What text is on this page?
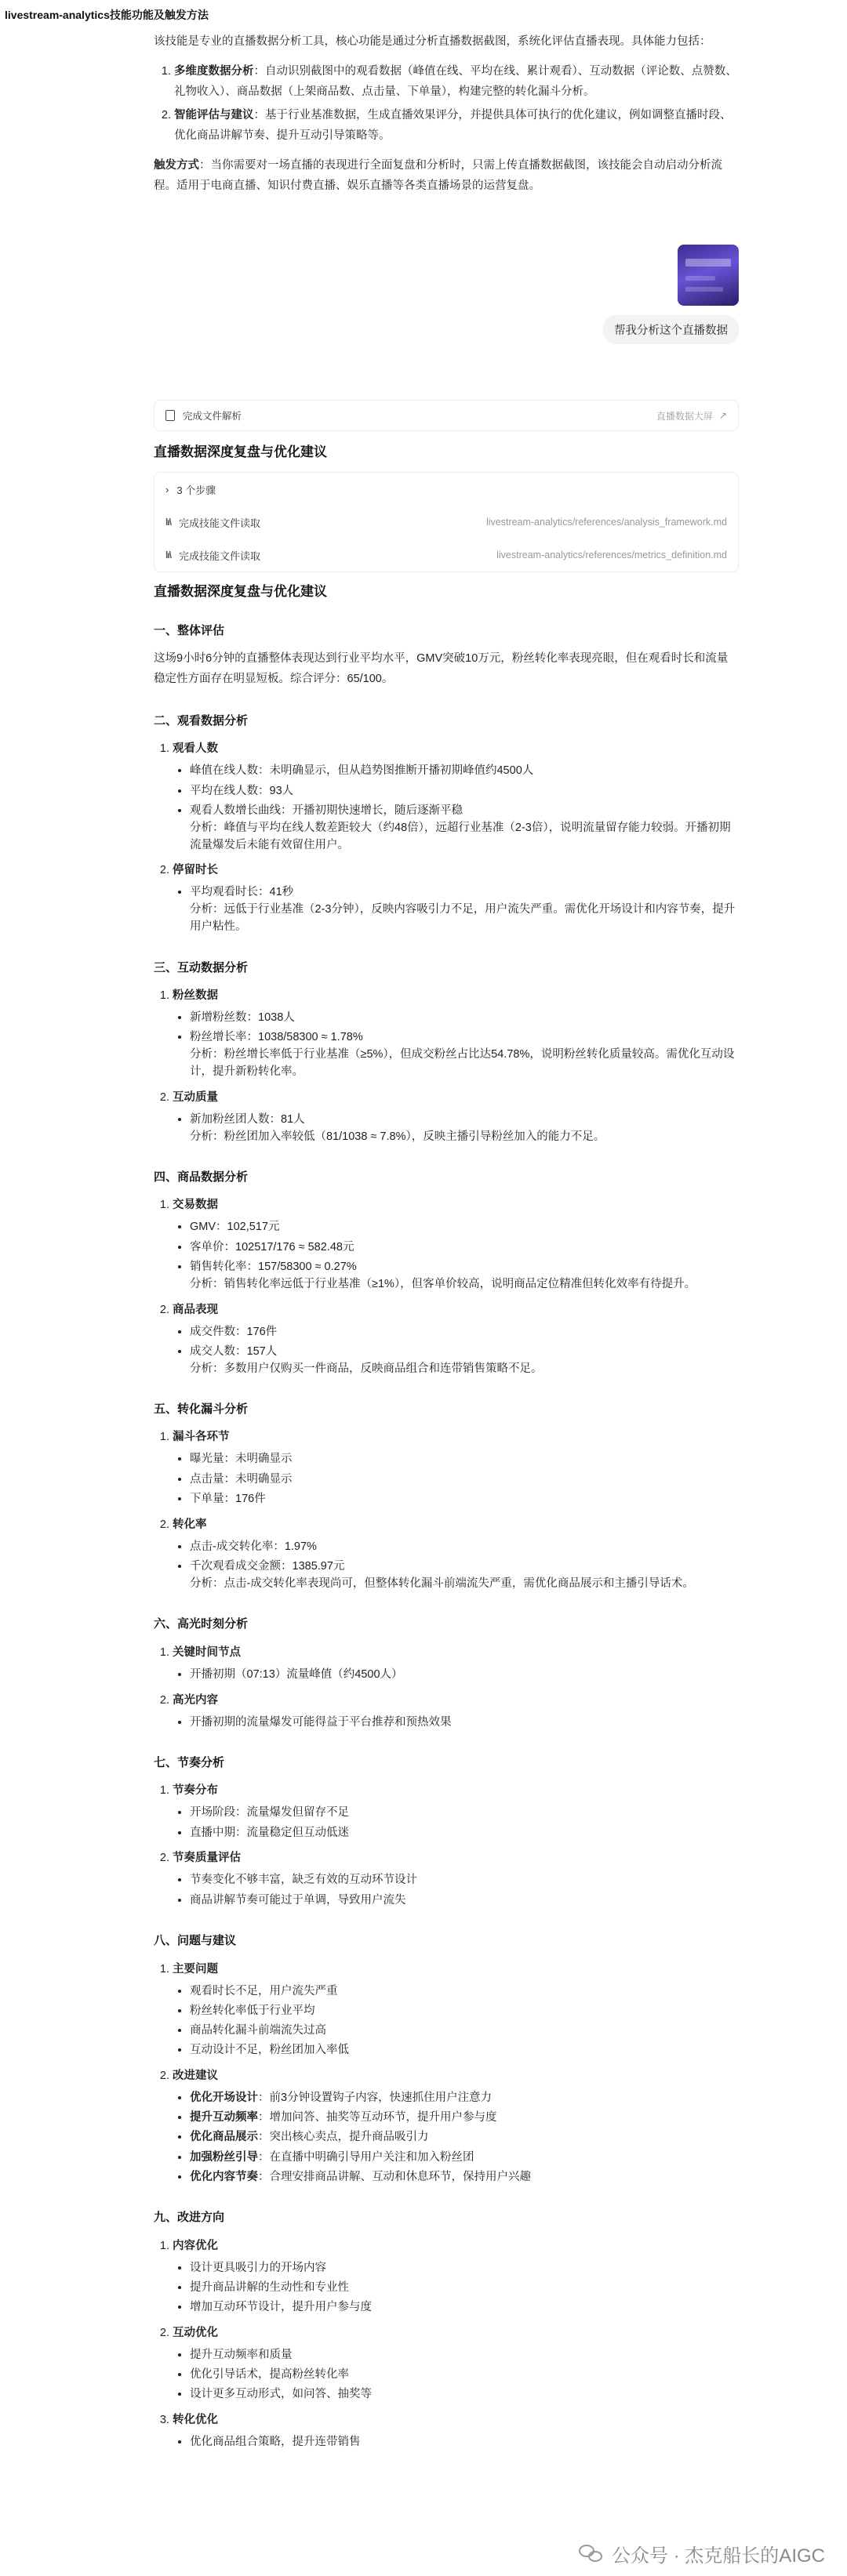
livestream-analytics技能功能及触发方法

该技能是专业的直播数据分析工具，核心功能是通过分析直播数据截图，系统化评估直播表现。具体能力包括：

1. 多维度数据分析：自动识别截图中的观看数据（峰值在线、平均在线、累计观看）、互动数据（评论数、点赞数、礼物收入）、商品数据（上架商品数、点击量、下单量），构建完整的转化漏斗分析。
2. 智能评估与建议：基于行业基准数据，生成直播效果评分，并提供具体可执行的优化建议，例如调整直播时段、优化商品讲解节奏、提升互动引导策略等。

触发方式：当你需要对一场直播的表现进行全面复盘和分析时，只需上传直播数据截图，该技能会自动启动分析流程。适用于电商直播、知识付费直播、娱乐直播等各类直播场景的运营复盘。

帮我分析这个直播数据
完成文件解析	直播数据大屏 ↗
直播数据深度复盘与优化建议
› 3 个步骤
lı\ 完成技能文件读取	livestream-analytics/references/analysis_framework.md
lı\ 完成技能文件读取	livestream-analytics/references/metrics_definition.md
直播数据深度复盘与优化建议
一、整体评估

这场9小时6分钟的直播整体表现达到行业平均水平，GMV突破10万元，粉丝转化率表现亮眼，但在观看时长和流量稳定性方面存在明显短板。综合评分：65/100。

二、观看数据分析
1. 观看人数
• 峰值在线人数：未明确显示，但从趋势图推断开播初期峰值约4500人
• 平均在线人数：93人
• 观看人数增长曲线：开播初期快速增长，随后逐渐平稳
分析：峰值与平均在线人数差距较大（约48倍），远超行业基准（2-3倍），说明流量留存能力较弱。开播初期流量爆发后未能有效留住用户。
2. 停留时长
• 平均观看时长：41秒
分析：远低于行业基准（2-3分钟），反映内容吸引力不足，用户流失严重。需优化开场设计和内容节奏，提升用户粘性。
三、互动数据分析
1. 粉丝数据
• 新增粉丝数：1038人
• 粉丝增长率：1038/58300 ≈ 1.78%
分析：粉丝增长率低于行业基准（≥5%），但成交粉丝占比达54.78%，说明粉丝转化质量较高。需优化互动设计，提升新粉转化率。
2. 互动质量
• 新加粉丝团人数：81人
分析：粉丝团加入率较低（81/1038 ≈ 7.8%），反映主播引导粉丝加入的能力不足。
四、商品数据分析
1. 交易数据
• GMV：102,517元
• 客单价：102517/176 ≈ 582.48元
• 销售转化率：157/58300 ≈ 0.27%
分析：销售转化率远低于行业基准（≥1%），但客单价较高，说明商品定位精准但转化效率有待提升。
2. 商品表现
• 成交件数：176件
• 成交人数：157人
分析：多数用户仅购买一件商品，反映商品组合和连带销售策略不足。
五、转化漏斗分析
1. 漏斗各环节
• 曝光量：未明确显示
• 点击量：未明确显示
• 下单量：176件
2. 转化率
• 点击-成交转化率：1.97%
• 千次观看成交金额：1385.97元
分析：点击-成交转化率表现尚可，但整体转化漏斗前端流失严重，需优化商品展示和主播引导话术。
六、高光时刻分析
1. 关键时间节点
• 开播初期（07:13）流量峰值（约4500人）
2. 高光内容
• 开播初期的流量爆发可能得益于平台推荐和预热效果
七、节奏分析
1. 节奏分布
• 开场阶段：流量爆发但留存不足
• 直播中期：流量稳定但互动低迷
2. 节奏质量评估
• 节奏变化不够丰富，缺乏有效的互动环节设计
• 商品讲解节奏可能过于单调，导致用户流失
八、问题与建议
1. 主要问题
• 观看时长不足，用户流失严重
• 粉丝转化率低于行业平均
• 商品转化漏斗前端流失过高
• 互动设计不足，粉丝团加入率低
2. 改进建议
• 优化开场设计：前3分钟设置钩子内容，快速抓住用户注意力
• 提升互动频率：增加问答、抽奖等互动环节，提升用户参与度
• 优化商品展示：突出核心卖点，提升商品吸引力
• 加强粉丝引导：在直播中明确引导用户关注和加入粉丝团
• 优化内容节奏：合理安排商品讲解、互动和休息环节，保持用户兴趣
九、改进方向
1. 内容优化
• 设计更具吸引力的开场内容
• 提升商品讲解的生动性和专业性
• 增加互动环节设计，提升用户参与度
2. 互动优化
• 提升互动频率和质量
• 优化引导话术，提高粉丝转化率
• 设计更多互动形式，如问答、抽奖等
3. 转化优化
• 优化商品组合策略，提升连带销售
公众号 · 杰克船长的AIGC
